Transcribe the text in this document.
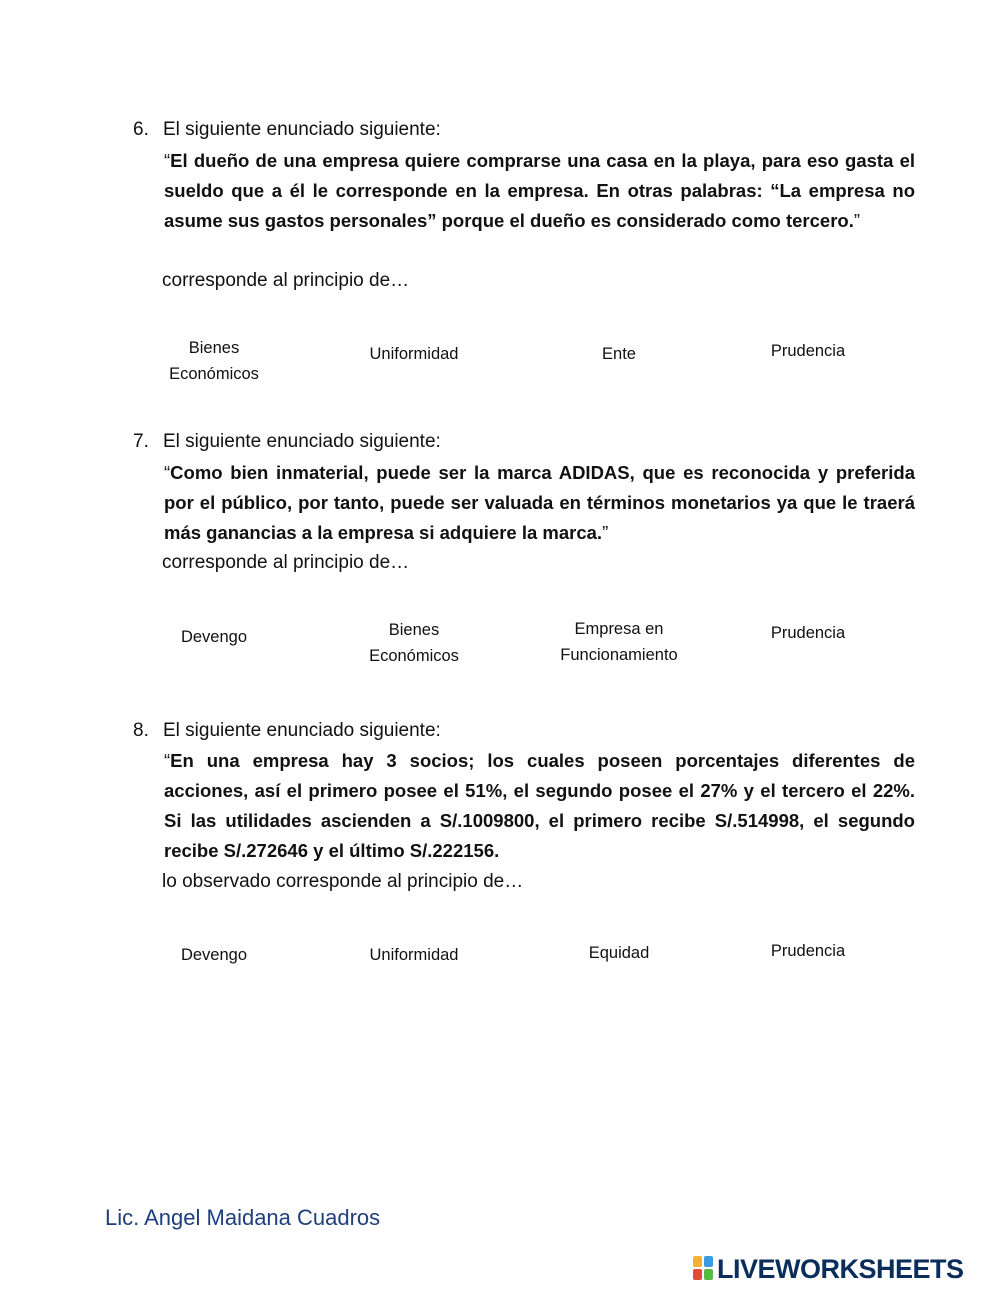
6. El siguiente enunciado siguiente:
“El dueño de una empresa quiere comprarse una casa en la playa, para eso gasta el sueldo que a él le corresponde en la empresa. En otras palabras: “La empresa no asume sus gastos personales” porque el dueño es considerado como tercero.”
corresponde al principio de…
Bienes
Económicos
Uniformidad	Ente	Prudencia
7. El siguiente enunciado siguiente:
“Como bien inmaterial, puede ser la marca ADIDAS, que es reconocida y preferida por el público, por tanto, puede ser valuada en términos monetarios ya que le traerá más ganancias a la empresa si adquiere la marca.”
corresponde al principio de…
Devengo	Bienes
Económicos
Empresa en
Funcionamiento
Prudencia
8. El siguiente enunciado siguiente:
“En una empresa hay 3 socios; los cuales poseen porcentajes diferentes de acciones, así el primero posee el 51%, el segundo posee el 27% y el tercero el 22%. Si las utilidades ascienden a S/.1009800, el primero recibe S/.514998, el segundo recibe S/.272646 y el último S/.222156.
lo observado corresponde al principio de…
Devengo	Uniformidad	Equidad	Prudencia
Lic. Angel Maidana Cuadros
LIVEWORKSHEETS
